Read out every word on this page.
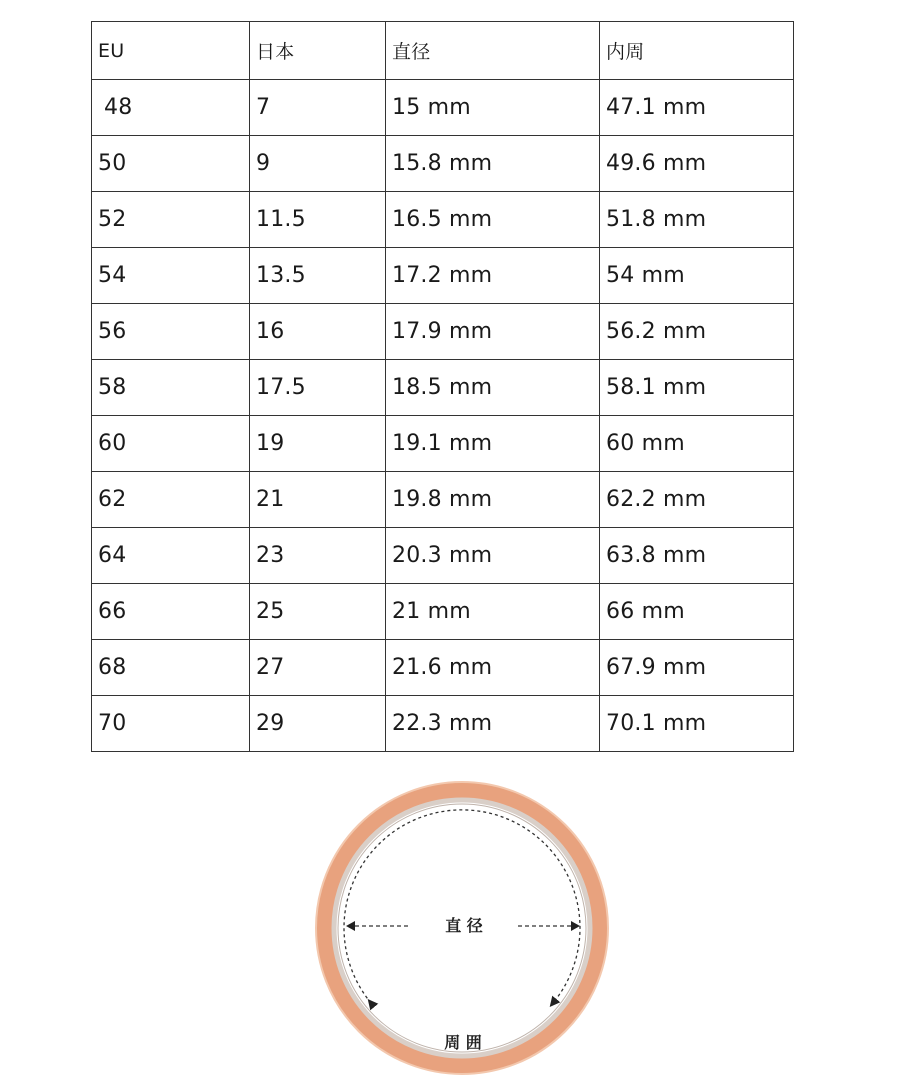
EU	日本	直径	内周
48	7	15 mm	47.1 mm
50	9	15.8 mm	49.6 mm
52	11.5	16.5 mm	51.8 mm
54	13.5	17.2 mm	54 mm
56	16	17.9 mm	56.2 mm
58	17.5	18.5 mm	58.1 mm
60	19	19.1 mm	60 mm
62	21	19.8 mm	62.2 mm
64	23	20.3 mm	63.8 mm
66	25	21 mm	66 mm
68	27	21.6 mm	67.9 mm
70	29	22.3 mm	70.1 mm
直 径
周 囲
